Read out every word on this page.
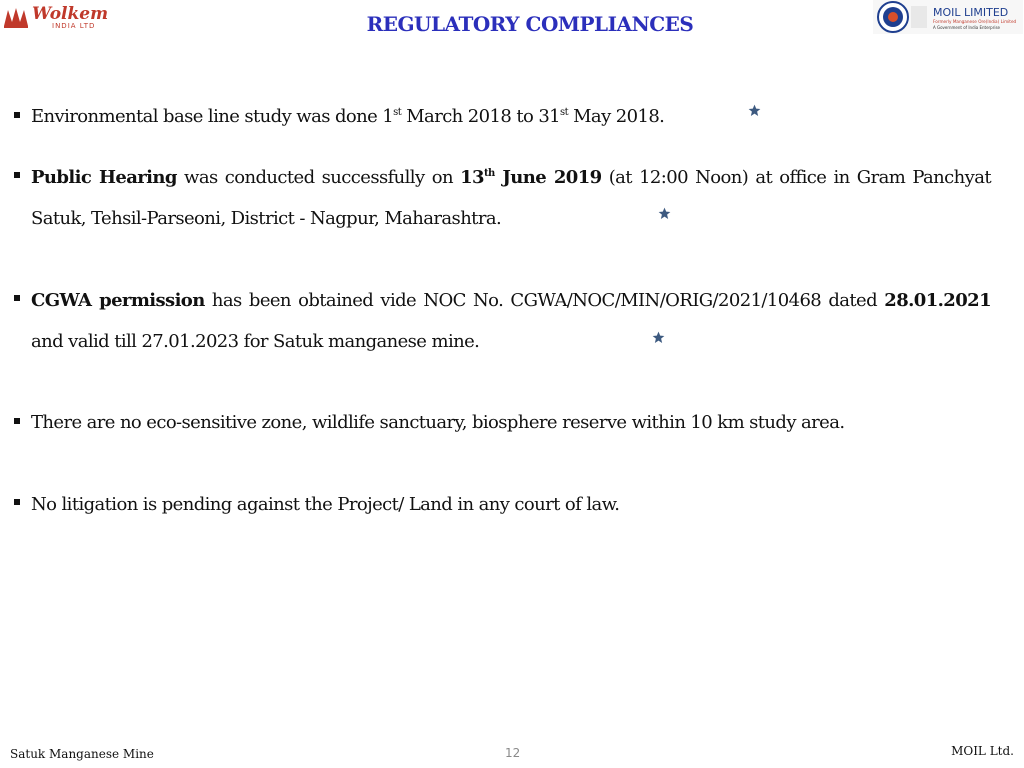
Wolkem
INDIA LTD	REGULATORY COMPLIANCES	MOIL LIMITED
Formerly Manganese Ore(India) Limited
A Government of India Enterprise
Environmental base line study was done 1st March 2018 to 31st May 2018.
Public Hearing was conducted successfully on 13th June 2019 (at 12:00 Noon) at office in Gram Panchyat Satuk, Tehsil-Parseoni, District - Nagpur, Maharashtra.
CGWA permission has been obtained vide NOC No. CGWA/NOC/MIN/ORIG/2021/10468 dated 28.01.2021 and valid till 27.01.2023 for Satuk manganese mine.
There are no eco-sensitive zone, wildlife sanctuary, biosphere reserve within 10 km study area.
No litigation is pending against the Project/ Land in any court of law.
Satuk Manganese Mine	12	MOIL Ltd.
